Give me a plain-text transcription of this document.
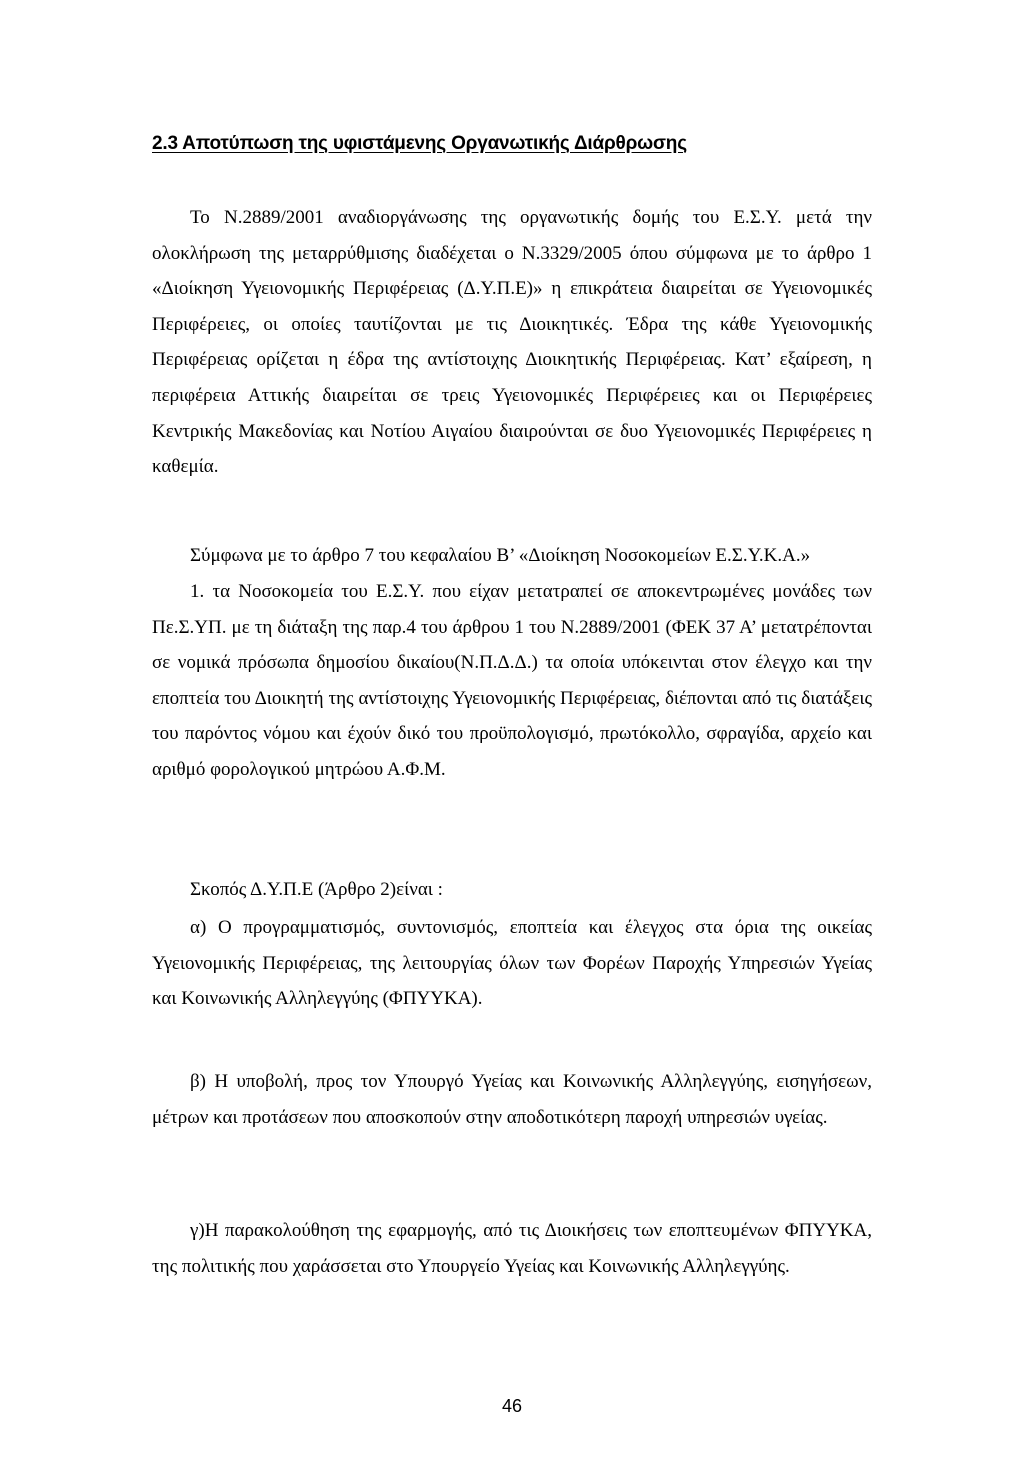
2.3 Αποτύπωση της υφιστάμενης Οργανωτικής Διάρθρωσης

Το Ν.2889/2001 αναδιοργάνωσης της οργανωτικής δομής του Ε.Σ.Υ. μετά την ολοκλήρωση της μεταρρύθμισης διαδέχεται ο Ν.3329/2005 όπου σύμφωνα με το άρθρο 1 «Διοίκηση Υγειονομικής Περιφέρειας (Δ.Υ.Π.Ε)» η επικράτεια διαιρείται σε Υγειονομικές Περιφέρειες, οι οποίες ταυτίζονται με τις Διοικητικές. Έδρα της κάθε Υγειονομικής Περιφέρειας ορίζεται η έδρα της αντίστοιχης Διοικητικής Περιφέρειας. Κατ’ εξαίρεση, η περιφέρεια Αττικής διαιρείται σε τρεις Υγειονομικές Περιφέρειες και οι Περιφέρειες Κεντρικής Μακεδονίας και Νοτίου Αιγαίου διαιρούνται σε δυο Υγειονομικές Περιφέρειες η καθεμία.

Σύμφωνα με το άρθρο 7 του κεφαλαίου Β’ «Διοίκηση Νοσοκομείων Ε.Σ.Υ.Κ.Α.»

1. τα Νοσοκομεία του Ε.Σ.Υ. που είχαν μετατραπεί σε αποκεντρωμένες μονάδες των Πε.Σ.ΥΠ. με τη διάταξη της παρ.4 του άρθρου 1 του Ν.2889/2001 (ΦΕΚ 37 Α’ μετατρέπονται σε νομικά πρόσωπα δημοσίου δικαίου(Ν.Π.Δ.Δ.) τα οποία υπόκεινται στον έλεγχο και την εποπτεία του Διοικητή της αντίστοιχης Υγειονομικής Περιφέρειας, διέπονται από τις διατάξεις του παρόντος νόμου και έχούν δικό του προϋπολογισμό, πρωτόκολλο, σφραγίδα, αρχείο και αριθμό φορολογικού μητρώου Α.Φ.Μ.

Σκοπός Δ.Υ.Π.Ε (Άρθρο 2)είναι :

α) Ο προγραμματισμός, συντονισμός, εποπτεία και έλεγχος στα όρια της οικείας Υγειονομικής Περιφέρειας, της λειτουργίας όλων των Φορέων Παροχής Υπηρεσιών Υγείας και Κοινωνικής Αλληλεγγύης (ΦΠΥΥΚΑ).

β) Η υποβολή, προς τον Υπουργό Υγείας και Κοινωνικής Αλληλεγγύης, εισηγήσεων, μέτρων και προτάσεων που αποσκοπούν στην αποδοτικότερη παροχή υπηρεσιών υγείας.

γ)Η παρακολούθηση της εφαρμογής, από τις Διοικήσεις των εποπτευμένων ΦΠΥΥΚΑ, της πολιτικής που χαράσσεται στο Υπουργείο Υγείας και Κοινωνικής Αλληλεγγύης.

46
